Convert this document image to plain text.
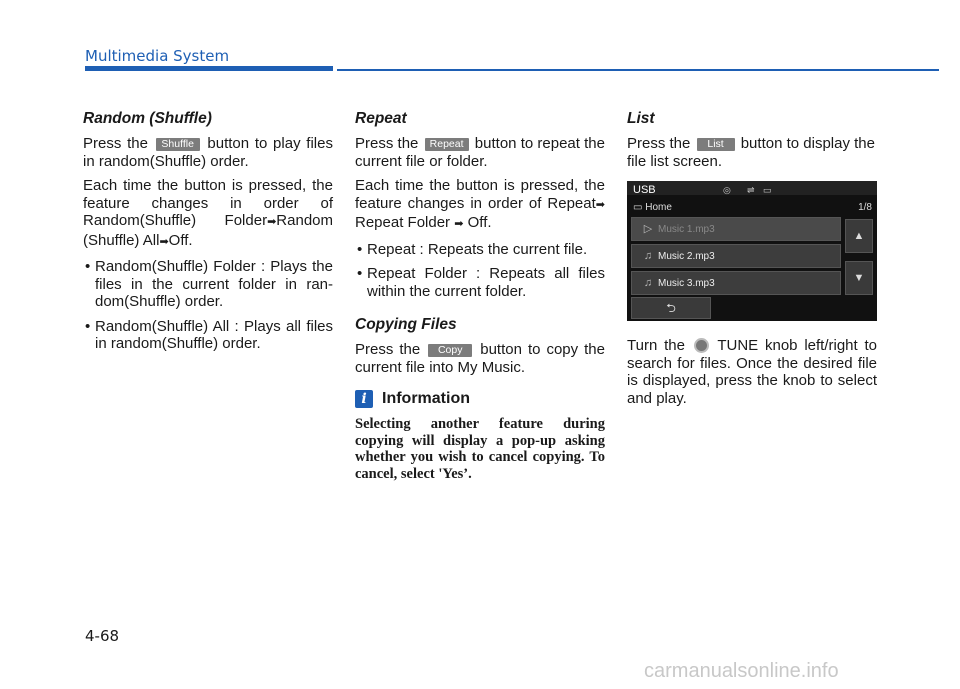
Multimedia System
Random (Shuffle)

Press the Shuffle button to play files in random(Shuffle) order.

Each time the button is pressed, the feature changes in order of Random(Shuffle) Folder➡Random (Shuffle) All➡Off.

• Random(Shuffle) Folder : Plays the files in the current folder in ran-dom(Shuffle) order.
• Random(Shuffle) All : Plays all files in random(Shuffle) order.
Repeat

Press the Repeat button to repeat the current file or folder.

Each time the button is pressed, the feature changes in order of Repeat➡ Repeat Folder ➡ Off.

• Repeat : Repeats the current file.
• Repeat Folder : Repeats all files within the current folder.
Copying Files

Press the Copy button to copy the current file into My Music.

i Information
Selecting another feature during copying will display a pop-up asking whether you wish to cancel copying. To cancel, select 'Yes’.
List

Press the List button to display the file list screen.

USB	◎ ⇌ ▭
▭ Home	1/8
▷ Music 1.mp3
♫ Music 2.mp3
♫ Music 3.mp3
▲
▼
⮌

Turn the TUNE knob left/right to search for files. Once the desired file is displayed, press the knob to select and play.

4-68
carmanualsonline.info
